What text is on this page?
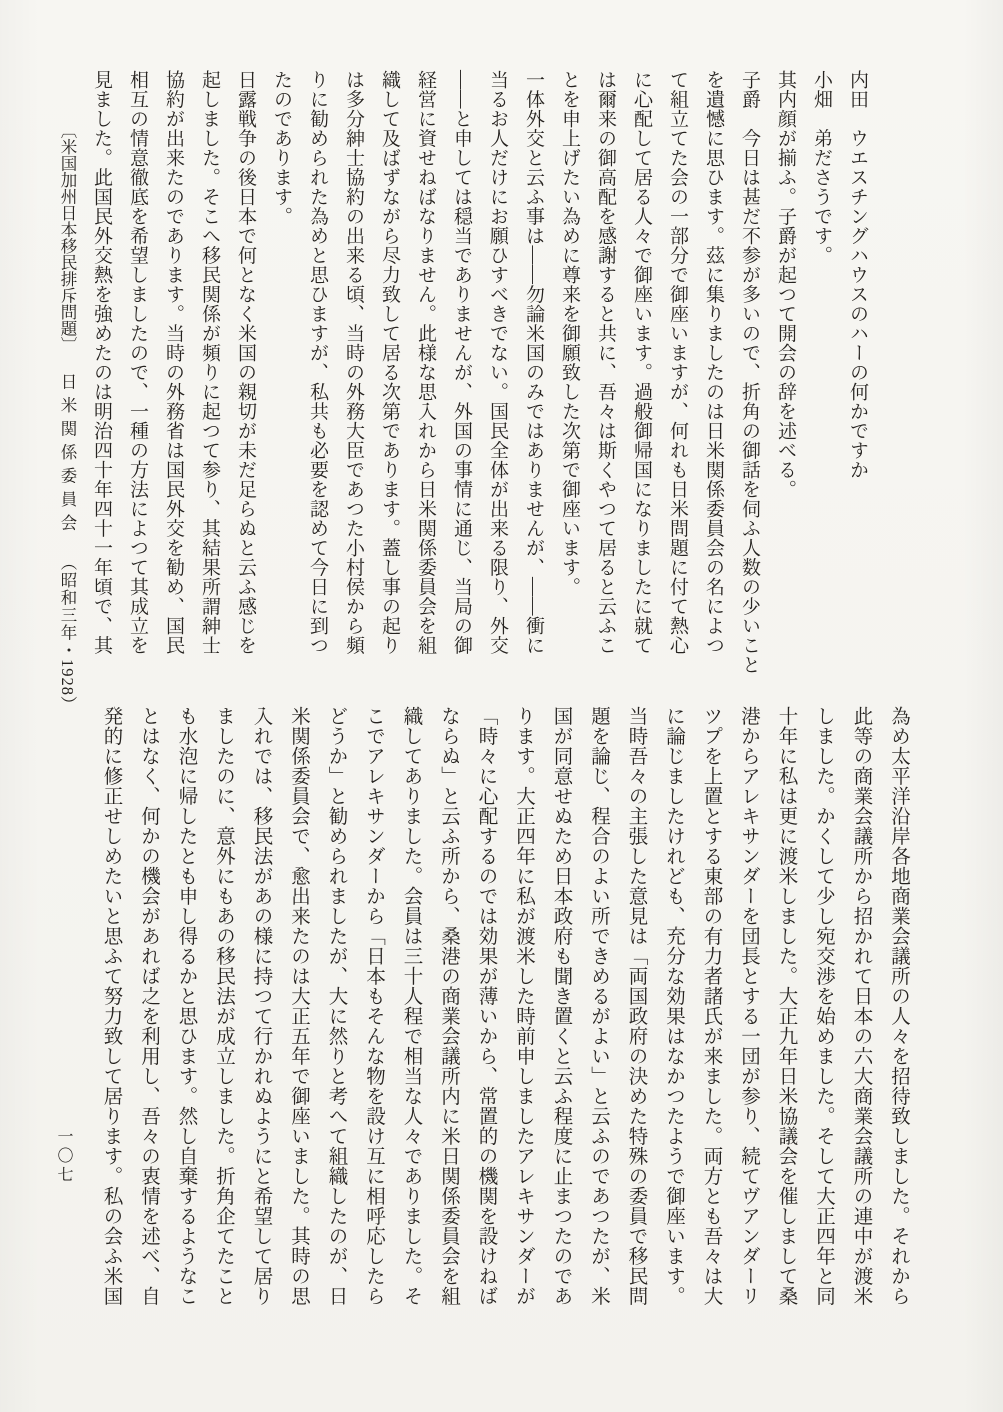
内田　ウエスチングハウスのハーの何かですか
小畑　弟ださうです。
其内顔が揃ふ。子爵が起つて開会の辞を述べる。
子爵　今日は甚だ不参が多いので、折角の御話を伺ふ人数の少いこと
を遺憾に思ひます。茲に集りましたのは日米関係委員会の名によつ
て組立てた会の一部分で御座いますが、何れも日米問題に付て熱心
に心配して居る人々で御座います。過般御帰国になりましたに就て
は爾来の御高配を感謝すると共に、吾々は斯くやつて居ると云ふこ
とを申上げたい為めに尊来を御願致した次第で御座います。
一体外交と云ふ事は――勿論米国のみではありませんが、――衝に
当るお人だけにお願ひすべきでない。国民全体が出来る限り、外交
――と申しては穏当でありませんが、外国の事情に通じ、当局の御
経営に資せねばなりません。此様な思入れから日米関係委員会を組
織して及ばずながら尽力致して居る次第であります。蓋し事の起り
は多分紳士協約の出来る頃、当時の外務大臣であつた小村侯から頻
りに勧められた為めと思ひますが、私共も必要を認めて今日に到つ
たのであります。
日露戦争の後日本で何となく米国の親切が未だ足らぬと云ふ感じを
起しました。そこへ移民関係が頻りに起つて参り、其結果所謂紳士
協約が出来たのであります。当時の外務省は国民外交を勧め、国民
相互の情意徹底を希望しましたので、一種の方法によつて其成立を
見ました。此国民外交熱を強めたのは明治四十年四十一年頃で、其
〔米国加州日本移民排斥問題〕日米関係委員会（昭和三年・1928）
為め太平洋沿岸各地商業会議所の人々を招待致しました。それから
此等の商業会議所から招かれて日本の六大商業会議所の連中が渡米
しました。かくして少し宛交渉を始めました。そして大正四年と同
十年に私は更に渡米しました。大正九年日米協議会を催しまして桑
港からアレキサンダーを団長とする一団が参り、続てヴアンダーリ
ツプを上置とする東部の有力者諸氏が来ました。両方とも吾々は大
に論じましたけれども、充分な効果はなかつたようで御座います。
当時吾々の主張した意見は「両国政府の決めた特殊の委員で移民問
題を論じ、程合のよい所できめるがよい」と云ふのであつたが、米
国が同意せぬため日本政府も聞き置くと云ふ程度に止まつたのであ
ります。大正四年に私が渡米した時前申しましたアレキサンダーが
「時々に心配するのでは効果が薄いから、常置的の機関を設けねば
ならぬ」と云ふ所から、桑港の商業会議所内に米日関係委員会を組
織してありました。会員は三十人程で相当な人々でありました。そ
こでアレキサンダーから「日本もそんな物を設け互に相呼応したら
どうか」と勧められましたが、大に然りと考へて組織したのが、日
米関係委員会で、愈出来たのは大正五年で御座いました。其時の思
入れでは、移民法があの様に持つて行かれぬようにと希望して居り
ましたのに、意外にもあの移民法が成立しました。折角企てたこと
も水泡に帰したとも申し得るかと思ひます。然し自棄するようなこ
とはなく、何かの機会があれば之を利用し、吾々の衷情を述べ、自
発的に修正せしめたいと思ふて努力致して居ります。私の会ふ米国
一〇七
